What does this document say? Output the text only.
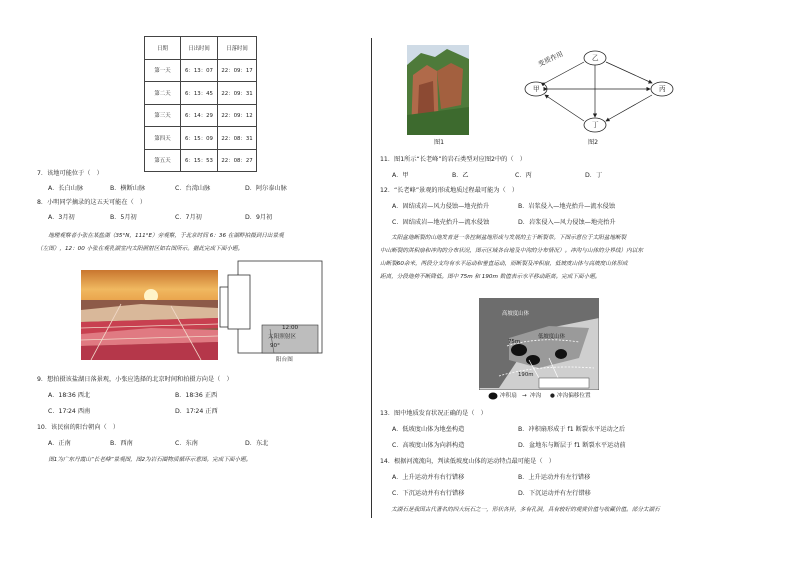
日期	日出时间	日落时间
第一天	6：13：07	22：09：17
第二天	6：13：45	22：09：31
第三天	6：14：29	22：09：12
第四天	6：15：09	22：08：31
第五天	6：15：53	22：08：27
7．该地可能位于（　）
A．长白山脉	B．横断山脉	C．台湾山脉	D．阿尔泰山脉
8．小明同学摘录的这五天可能在（　）
A．3月初	B．5月初	C．7月初	D．9月初
　　地理观察者小张在某盐湖（35°N，111°E）旁观察，于北京时间 6：36 在湖畔拍摄到日出景观
（左图），12：00 小张在观乳湖室内太阳照射区如右图所示。据此完成下面小题。
12:00
太阳照射区
90°
阳台图
9．想拍摄该盐湖日落景观，小张应选择的北京时间和拍摄方向是（　）
A．18∶36 西北	B．18∶36 正西
C．17∶24 西南	D．17∶24 正西
10．该民宿的阳台朝向（　）
A．正南	B．西南	C．东南	D．东北
　　图1为广东丹霞山“长老峰”景观图，图2为岩石圈物质循环示意图。完成下面小题。
图1
变质作用	乙
甲	丙
丁
图2
11．图1所示“长老峰”的岩石类型对应图2中的（　）
A．甲	B．乙	C．丙	D．丁
12．“长老峰”景观的形成地质过程最可能为（　）
A．固结成岩—风力侵蚀—地壳抬升	B．岩浆侵入—地壳抬升—流水侵蚀
C．固结成岩—地壳抬升—流水侵蚀	D．岩浆侵入—风力侵蚀—地壳抬升
　　太阳盆地断裂的山地发育是一条控制盆地形成与发展的主干断裂带。下图示意位于太阳盆地断裂
中山断裂的洪积扇和冲沟的分布状况，图示区域各台地及中沟的分布情况）。冲沟与山体的分界线）内以东
山断裂60余米，两段分支均有水平运动和垂直运动，而断裂及冲积扇，低坡度山体与高坡度山体形成
距离，分段地势不断降低。图中 75m 和 190m 数值表示水平移动距离。完成下面小题。
高坡度山体
低坡度山体
75m
190m
冲积扇 → 冲沟 ● 冲沟偏移位置
13．图中地质发育状况正确的是（　）
A．低坡度山体为地垒构造	B．冲积扇形成于 f1 断裂水平运动之后
C．高坡度山体为向斜构造	D．盆地东与断层于 f1 断裂水平运动前
14．根据河流流向，判读低坡度山体的运动特点最可能是（　）
A．上升运动并有右行错移	B．上升运动并有左行错移
C．下沉运动并有右行错移	D．下沉运动并有左行错移
　　太湖石是我国古代著名的四大玩石之一，形状各异，多有孔洞，具有较好的观赏价值与收藏价值。部分太湖石
